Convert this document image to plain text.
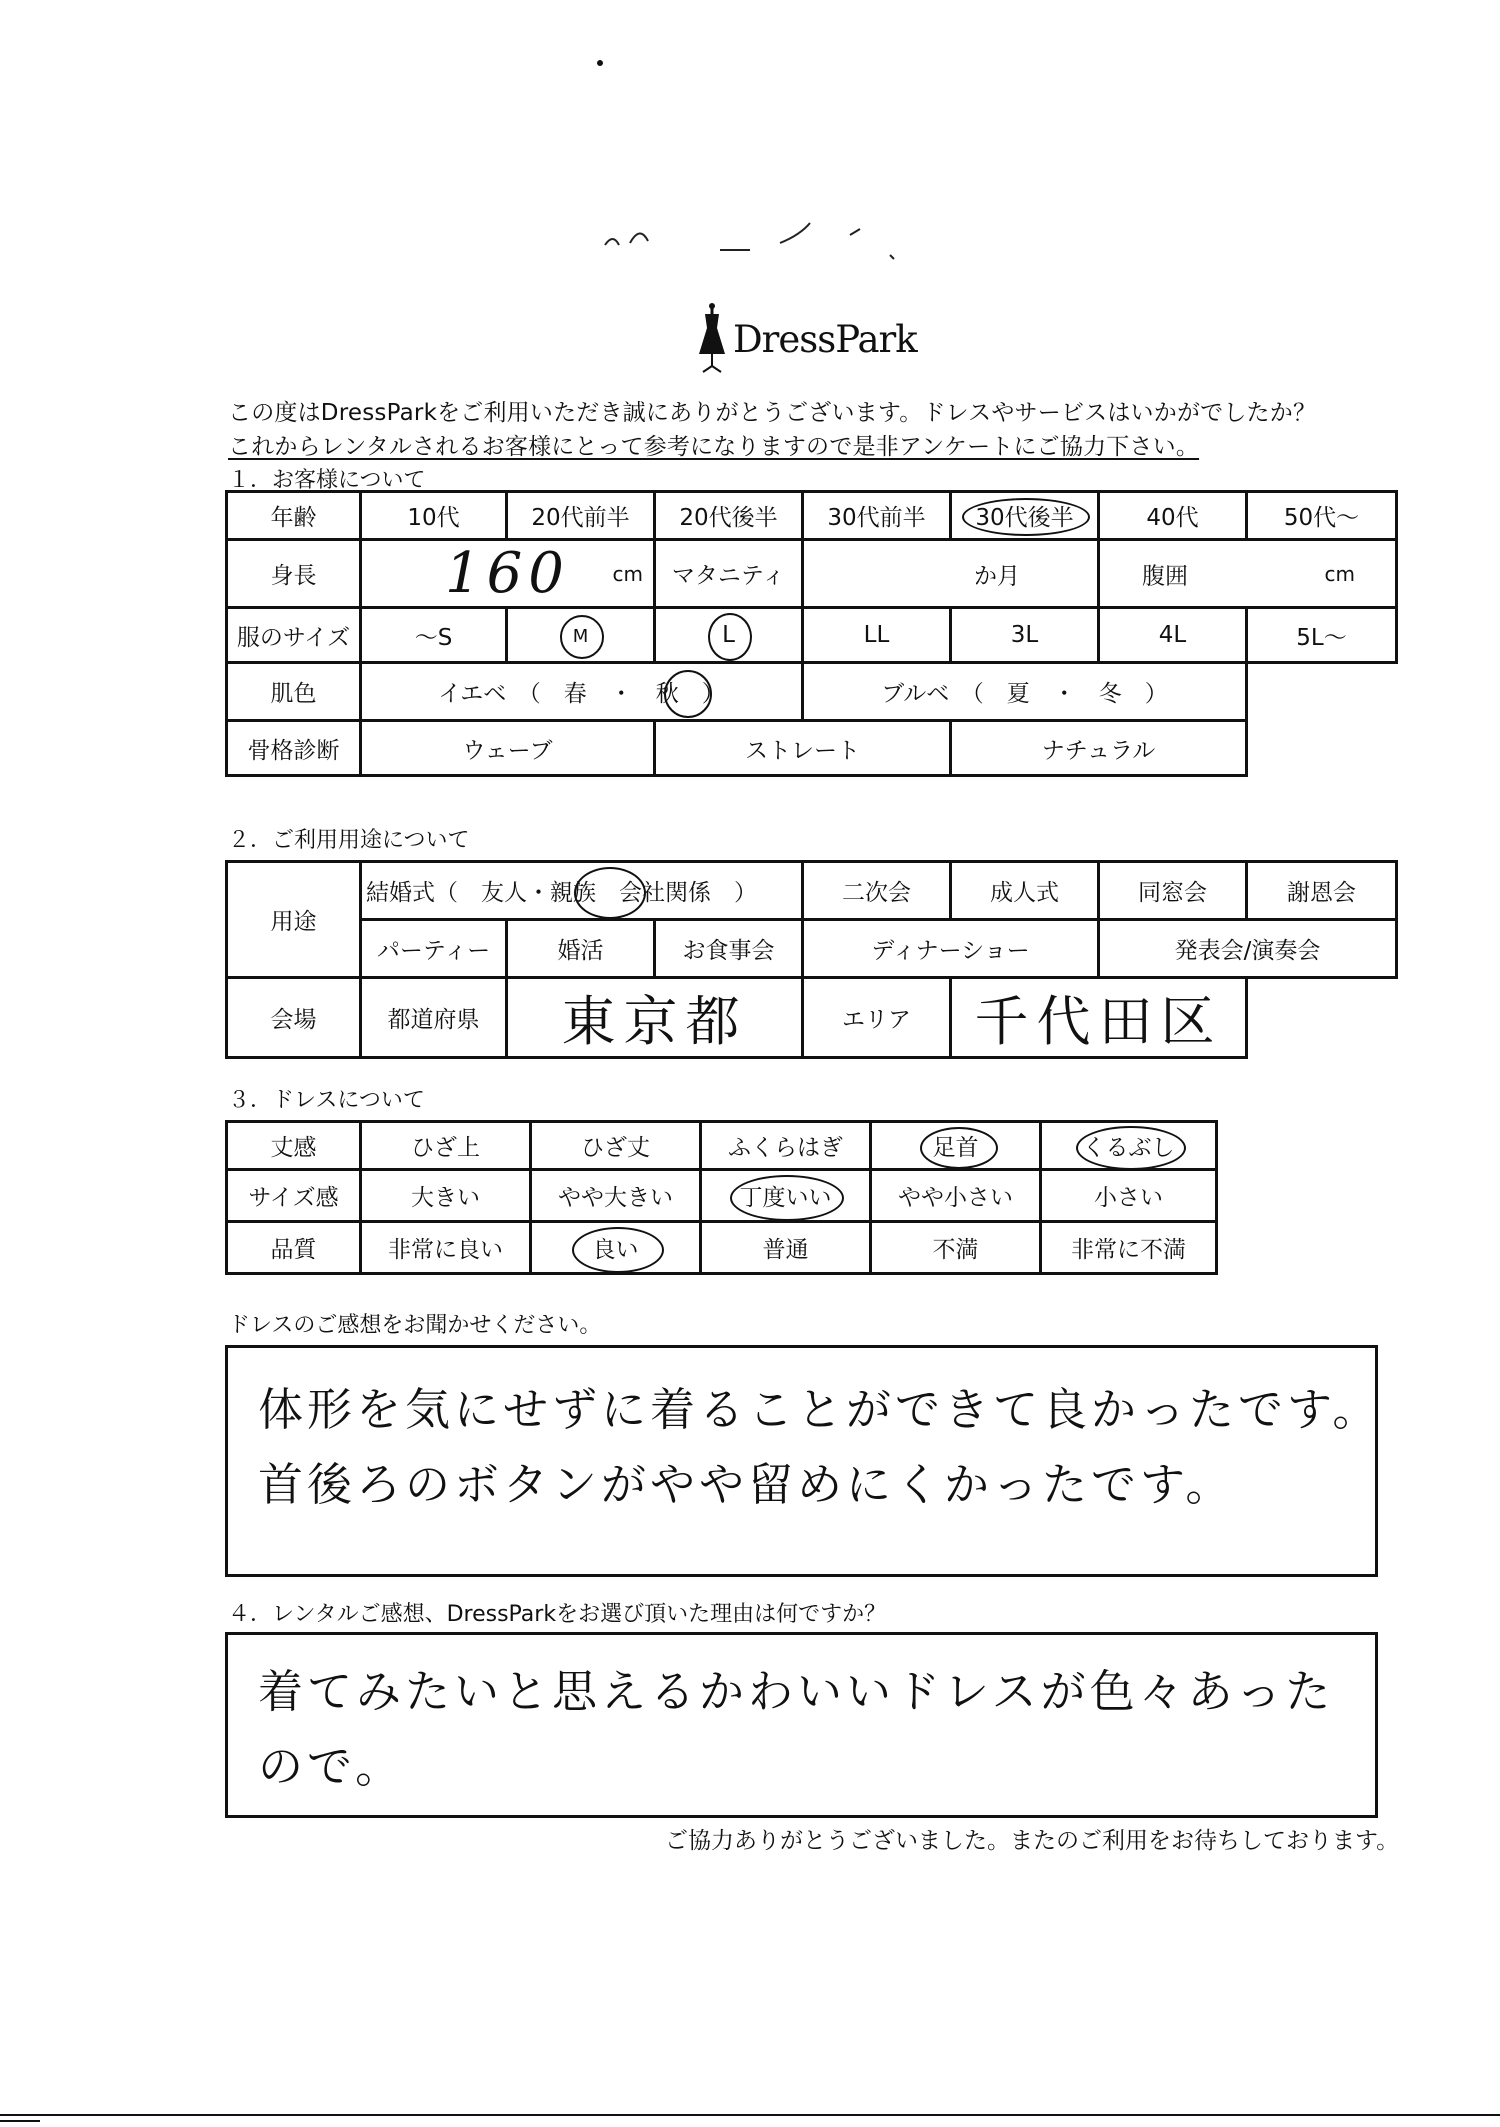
DressPark
この度はDressParkをご利用いただき誠にありがとうございます。ドレスやサービスはいかがでしたか？
これからレンタルされるお客様にとって参考になりますので是非アンケートにご協力下さい。
１．お客様について
年齢	10代	20代前半	20代後半	30代前半	30代後半	40代	50代～
身長	160 cm		マタニティ	か月		腹囲 cm	

服のサイズ	～S	M	L	LL	3L	4L	5L～
肌色	イエベ　（　春　・　秋　）			ブルベ　（　夏　・　冬　）			
骨格診断	ウェーブ		ストレート		ナチュラル		
２．ご利用用途について
用途	結婚式（　友人・親族　会社関係　）			二次会	成人式	同窓会	謝恩会
	パーティー	婚活	お食事会	ディナーショー		発表会/演奏会	
会場	都道府県	東京都		エリア	千代田区		
３．ドレスについて
丈感	ひざ上	ひざ丈	ふくらはぎ	足首	くるぶし

サイズ感	大きい	やや大きい	丁度いい	やや小さい	小さい
品質	非常に良い	良い	普通	不満	非常に不満
ドレスのご感想をお聞かせください。
体形を気にせずに着ることができて良かったです。
首後ろのボタンがやや留めにくかったです。
４．レンタルご感想、DressParkをお選び頂いた理由は何ですか？
着てみたいと思えるかわいいドレスが色々あった
ので。
ご協力ありがとうございました。またのご利用をお待ちしております。
